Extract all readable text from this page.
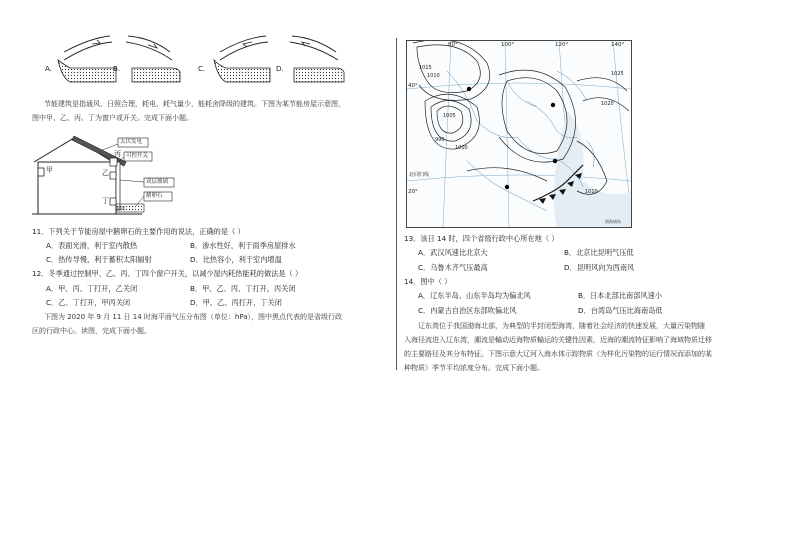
A.	B.	C.	D.
节能建筑是指通风、日照合理，耗电、耗气量少，能耗舍降级的建筑。下图为某节能房屋示意图，
图中甲、乙、丙、丁为窗户或开关。完成下面小题。
太伏发电
丙 可控开关
甲	乙
双层玻璃
丁
鹅卵石
铁锈
11．下列关于节能房屋中鹅卵石的主要作用的说法，正确的是（ ）
A．表面光滑，利于室内散热	B．渗水性好，利于雨季房屋排水
C．热传导慢，利于蓄积太阳辐射	D．比热容小，利于室内增温
12．冬季通过控制甲、乙、丙、丁四个窗户开关，以减少屋内耗热能耗的做法是（ ）
A．甲、丙、丁打开，乙关闭	B．甲、乙、丙、丁打开，丙关闭
C．乙、丁打开，甲丙关闭	D．甲、乙、丙打开，丁关闭
下图为 2020 年 9 月 11 日 14 时海平面气压分布图（单位：hPa），图中黑点代表的是省级行政
区的行政中心。读图，完成下面小题。
80°	100°	120°	140°
40°
20°
1010
1015
1005
990
1000
1025
1020
1010
北回归线
南海诸岛
13．该日 14 时，四个省级行政中心所在地（ ）
A．武汉风速比北京大	B．北京比昆明气压低
C．乌鲁木齐气压最高	D．昆明风向为西南风
14．图中（ ）
A．辽东半岛、山东半岛均为偏北风	B．日本北部比南部风速小
C．内蒙古自治区东部吹偏北风	D．台湾岛气压比海南岛低
辽东湾位于我国渤海北部，为典型的半封闭型海湾，随着社会经济的快速发展，大量污染物随
入海径流进入辽东湾，潮流是輸动近海物质輸运的关键性因素，近海的潮流特征影响了海域物质迁移
的主要路径及其分布特征。下图示意大辽河入海水体示踪物质（为样化污染物的运行情况而添加的某
种物质）季节平均浓度分布。完成下面小题。
